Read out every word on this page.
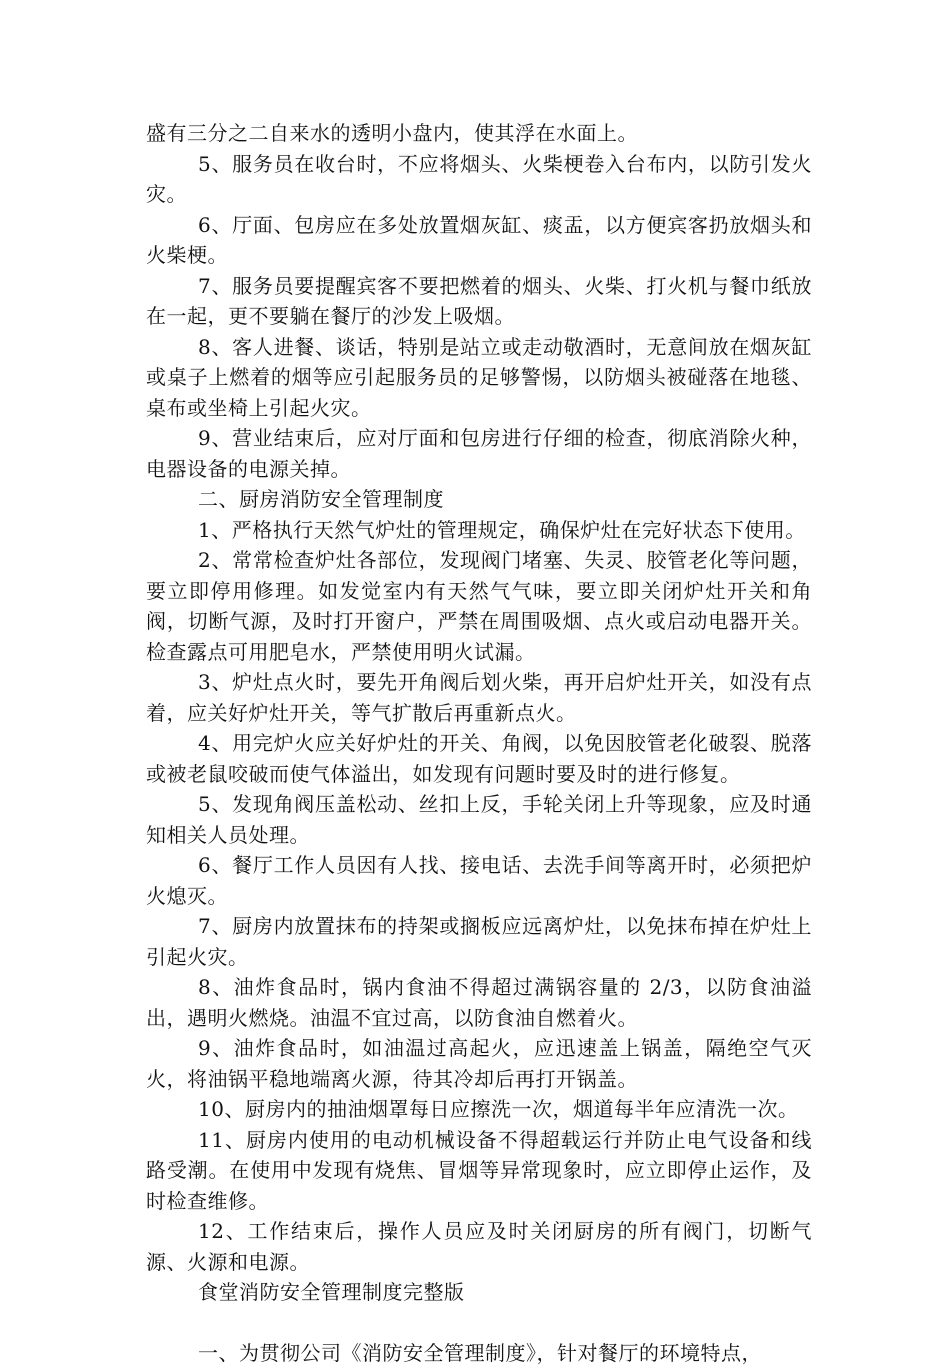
盛有三分之二自来水的透明小盘内，使其浮在水面上。

5、服务员在收台时，不应将烟头、火柴梗卷入台布内，以防引发火灾。

6、厅面、包房应在多处放置烟灰缸、痰盂，以方便宾客扔放烟头和火柴梗。

7、服务员要提醒宾客不要把燃着的烟头、火柴、打火机与餐巾纸放在一起，更不要躺在餐厅的沙发上吸烟。

8、客人进餐、谈话，特别是站立或走动敬酒时，无意间放在烟灰缸或桌子上燃着的烟等应引起服务员的足够警惕，以防烟头被碰落在地毯、桌布或坐椅上引起火灾。

9、营业结束后，应对厅面和包房进行仔细的检查，彻底消除火种，电器设备的电源关掉。

二、厨房消防安全管理制度

1、严格执行天然气炉灶的管理规定，确保炉灶在完好状态下使用。

2、常常检查炉灶各部位，发现阀门堵塞、失灵、胶管老化等问题，要立即停用修理。如发觉室内有天然气气味，要立即关闭炉灶开关和角阀，切断气源，及时打开窗户，严禁在周围吸烟、点火或启动电器开关。检查露点可用肥皂水，严禁使用明火试漏。

3、炉灶点火时，要先开角阀后划火柴，再开启炉灶开关，如没有点着，应关好炉灶开关，等气扩散后再重新点火。

4、用完炉火应关好炉灶的开关、角阀，以免因胶管老化破裂、脱落或被老鼠咬破而使气体溢出，如发现有问题时要及时的进行修复。

5、发现角阀压盖松动、丝扣上反，手轮关闭上升等现象，应及时通知相关人员处理。

6、餐厅工作人员因有人找、接电话、去洗手间等离开时，必须把炉火熄灭。

7、厨房内放置抹布的持架或搁板应远离炉灶，以免抹布掉在炉灶上引起火灾。

8、油炸食品时，锅内食油不得超过满锅容量的 2/3，以防食油溢出，遇明火燃烧。油温不宜过高，以防食油自燃着火。

9、油炸食品时，如油温过高起火，应迅速盖上锅盖，隔绝空气灭火，将油锅平稳地端离火源，待其冷却后再打开锅盖。

10、厨房内的抽油烟罩每日应擦洗一次，烟道每半年应清洗一次。

11、厨房内使用的电动机械设备不得超载运行并防止电气设备和线路受潮。在使用中发现有烧焦、冒烟等异常现象时，应立即停止运作，及时检查维修。

12、工作结束后，操作人员应及时关闭厨房的所有阀门，切断气源、火源和电源。

食堂消防安全管理制度完整版

一、为贯彻公司《消防安全管理制度》，针对餐厅的环境特点，
